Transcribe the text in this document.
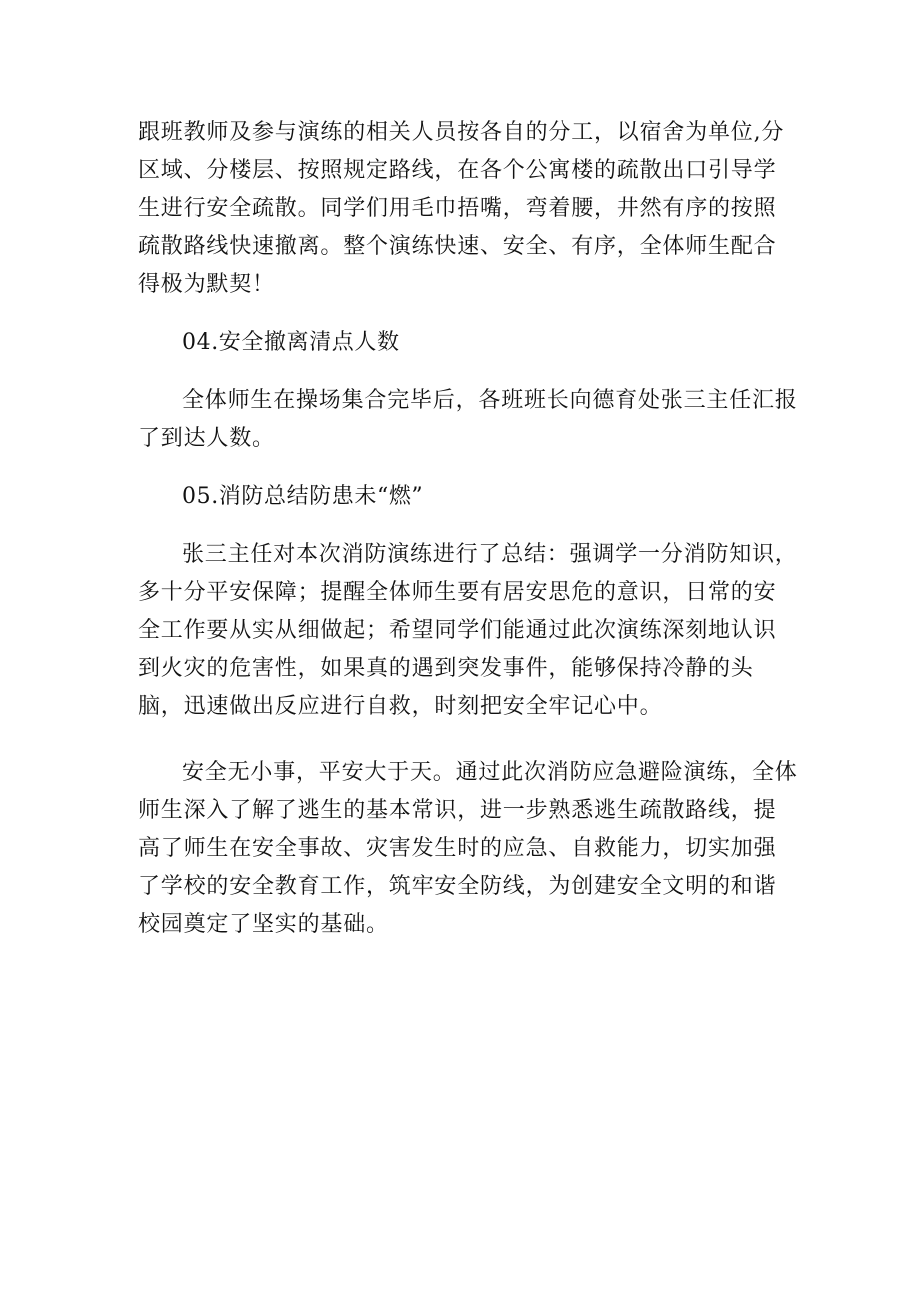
跟班教师及参与演练的相关人员按各自的分工，以宿舍为单位,分区域、分楼层、按照规定路线，在各个公寓楼的疏散出口引导学生进行安全疏散。同学们用毛巾捂嘴，弯着腰，井然有序的按照疏散路线快速撤离。整个演练快速、安全、有序，全体师生配合得极为默契！

04.安全撤离清点人数

全体师生在操场集合完毕后，各班班长向德育处张三主任汇报了到达人数。

05.消防总结防患未“燃”

张三主任对本次消防演练进行了总结：强调学一分消防知识，多十分平安保障；提醒全体师生要有居安思危的意识，日常的安全工作要从实从细做起；希望同学们能通过此次演练深刻地认识到火灾的危害性，如果真的遇到突发事件，能够保持冷静的头脑，迅速做出反应进行自救，时刻把安全牢记心中。

安全无小事，平安大于天。通过此次消防应急避险演练，全体师生深入了解了逃生的基本常识，进一步熟悉逃生疏散路线，提高了师生在安全事故、灾害发生时的应急、自救能力，切实加强了学校的安全教育工作，筑牢安全防线，为创建安全文明的和谐校园奠定了坚实的基础。
